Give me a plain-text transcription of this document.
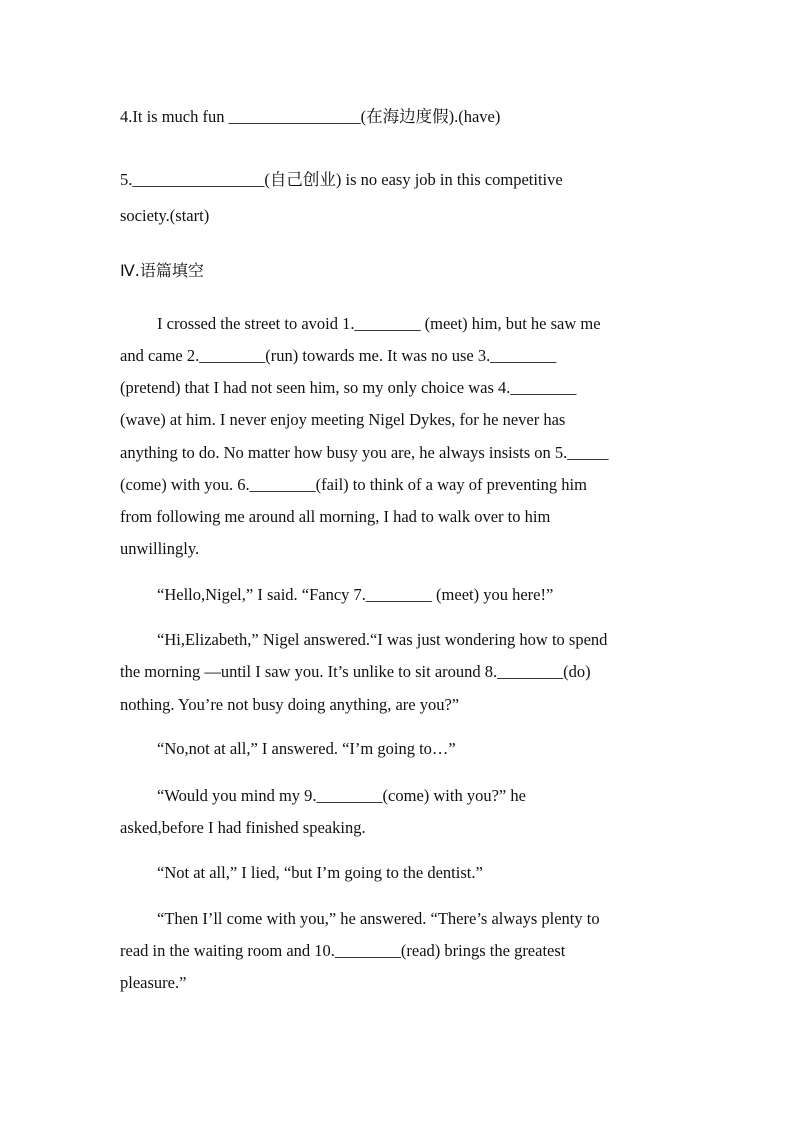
4.It is much fun ________________(在海边度假).(have)
5.________________(自己创业) is no easy job in this competitive
society.(start)
Ⅳ.语篇填空
I crossed the street to avoid 1.________ (meet) him, but he saw me
and came 2.________(run) towards me. It was no use 3.________
(pretend) that I had not seen him, so my only choice was 4.________
(wave) at him. I never enjoy meeting Nigel Dykes, for he never has
anything to do. No matter how busy you are, he always insists on 5._____
(come) with you. 6.________(fail) to think of a way of preventing him
from following me around all morning, I had to walk over to him
unwillingly.
“Hello,Nigel,” I said. “Fancy 7.________ (meet) you here!”
“Hi,Elizabeth,” Nigel answered.“I was just wondering how to spend
the morning —until I saw you. It’s unlike to sit around 8.________(do)
nothing. You’re not busy doing anything, are you?”
“No,not at all,” I answered. “I’m going to…”
“Would you mind my 9.________(come) with you?” he
asked,before I had finished speaking.
“Not at all,” I lied, “but I’m going to the dentist.”
“Then I’ll come with you,” he answered. “There’s always plenty to
read in the waiting room and 10.________(read) brings the greatest
pleasure.”
